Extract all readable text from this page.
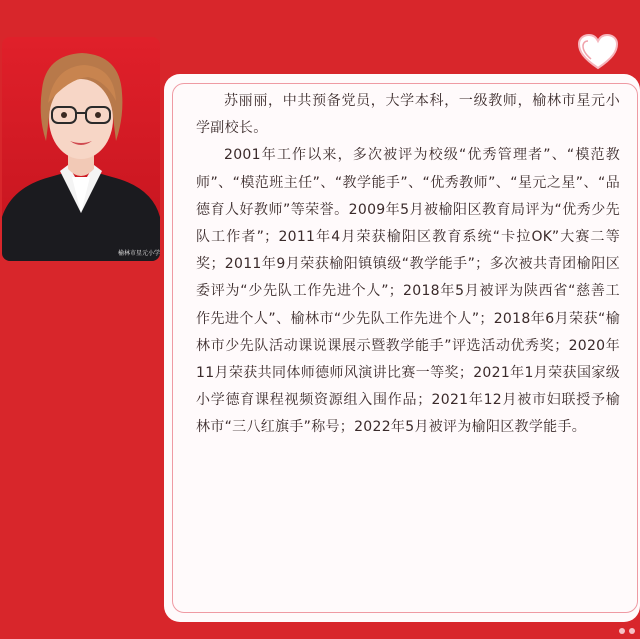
榆林市星元小学

苏丽丽，中共预备党员，大学本科，一级教师，榆林市星元小学副校长。

2001年工作以来，多次被评为校级“优秀管理者”、“模范教师”、“模范班主任”、“教学能手”、“优秀教师”、“星元之星”、“品德育人好教师”等荣誉。2009年5月被榆阳区教育局评为“优秀少先队工作者”；2011年4月荣获榆阳区教育系统“卡拉OK”大赛二等奖；2011年9月荣获榆阳镇镇级“教学能手”；多次被共青团榆阳区委评为“少先队工作先进个人”；2018年5月被评为陕西省“慈善工作先进个人”、榆林市“少先队工作先进个人”；2018年6月荣获“榆林市少先队活动课说课展示暨教学能手”评选活动优秀奖；2020年11月荣获共同体师德师风演讲比赛一等奖；2021年1月荣获国家级小学德育课程视频资源组入围作品；2021年12月被市妇联授予榆林市“三八红旗手”称号；2022年5月被评为榆阳区教学能手。
